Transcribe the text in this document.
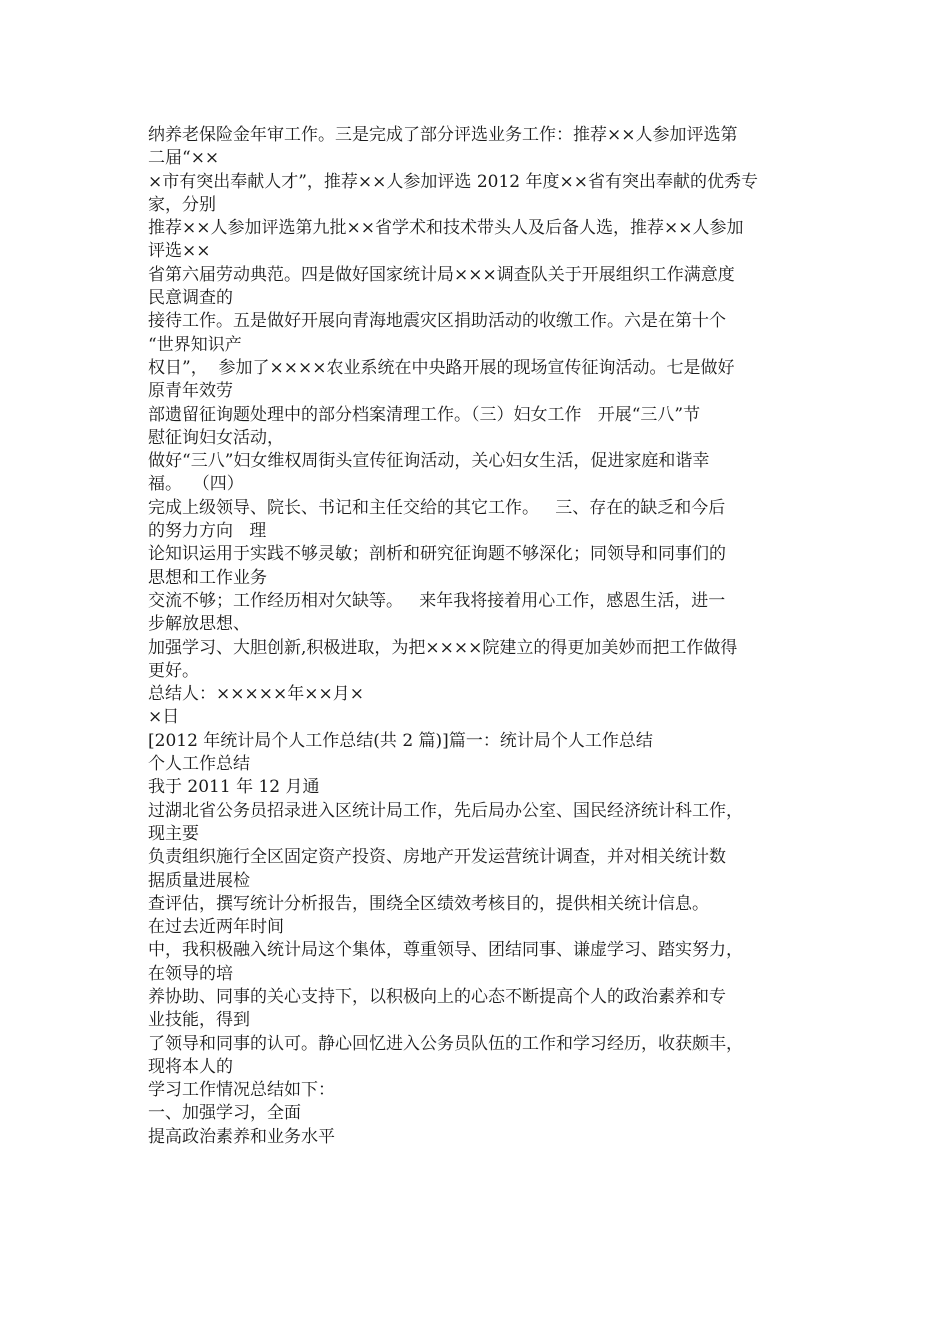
纳养老保险金年审工作。三是完成了部分评选业务工作：推荐××人参加评选第
二届“××
×市有突出奉献人才”，推荐××人参加评选 2012 年度××省有突出奉献的优秀专
家，分别
推荐××人参加评选第九批××省学术和技术带头人及后备人选，推荐××人参加
评选××
省第六届劳动典范。四是做好国家统计局×××调查队关于开展组织工作满意度
民意调查的
接待工作。五是做好开展向青海地震灾区捐助活动的收缴工作。六是在第十个
“世界知识产
权日”，  参加了××××农业系统在中央路开展的现场宣传征询活动。七是做好
原青年效劳
部遗留征询题处理中的部分档案清理工作。（三）妇女工作   开展“三八”节
慰征询妇女活动，
做好“三八”妇女维权周街头宣传征询活动，关心妇女生活，促进家庭和谐幸
福。  （四）
完成上级领导、院长、书记和主任交给的其它工作。   三、存在的缺乏和今后
的努力方向   理
论知识运用于实践不够灵敏；剖析和研究征询题不够深化；同领导和同事们的
思想和工作业务
交流不够；工作经历相对欠缺等。   来年我将接着用心工作，感恩生活，进一
步解放思想、
加强学习、大胆创新,积极进取，为把××××院建立的得更加美妙而把工作做得
更好。
总结人：×××××年××月×
×日
[2012 年统计局个人工作总结(共 2 篇)]篇一：统计局个人工作总结
个人工作总结
我于 2011 年 12 月通
过湖北省公务员招录进入区统计局工作，先后局办公室、国民经济统计科工作，
现主要
负责组织施行全区固定资产投资、房地产开发运营统计调查，并对相关统计数
据质量进展检
查评估，撰写统计分析报告，围绕全区绩效考核目的，提供相关统计信息。
在过去近两年时间
中，我积极融入统计局这个集体，尊重领导、团结同事、谦虚学习、踏实努力，
在领导的培
养协助、同事的关心支持下，以积极向上的心态不断提高个人的政治素养和专
业技能，得到
了领导和同事的认可。静心回忆进入公务员队伍的工作和学习经历，收获颇丰，
现将本人的
学习工作情况总结如下：
一、加强学习，全面
提高政治素养和业务水平
